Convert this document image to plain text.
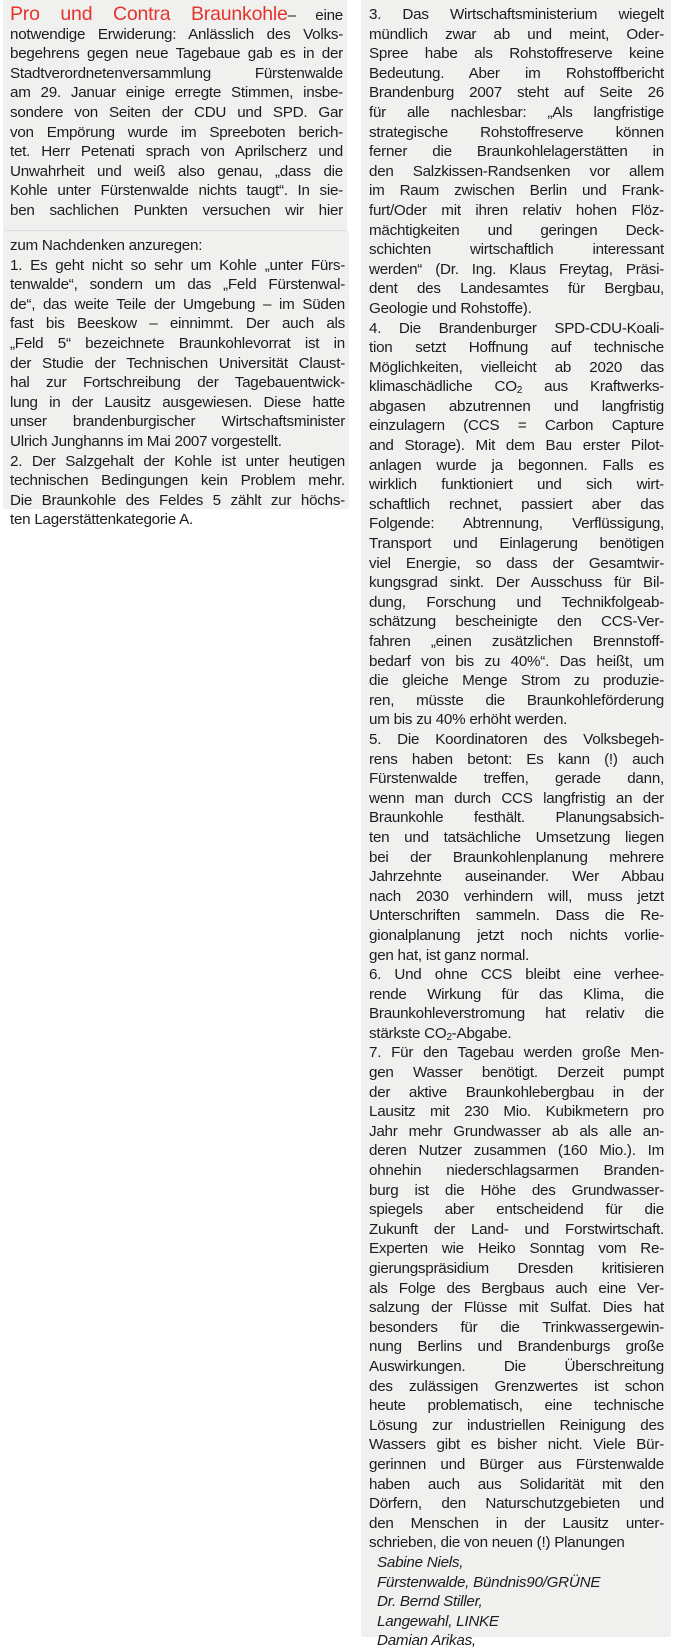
Pro und Contra Braunkohle– eine
notwendige Erwiderung: Anlässlich des Volks-
begehrens gegen neue Tagebaue gab es in der
Stadtverordnetenversammlung Fürstenwalde
am 29. Januar einige erregte Stimmen, insbe-
sondere von Seiten der CDU und SPD. Gar
von Empörung wurde im Spreeboten berich-
tet. Herr Petenati sprach von Aprilscherz und
Unwahrheit und weiß also genau, „dass die
Kohle unter Fürstenwalde nichts taugt“. In sie-
ben sachlichen Punkten versuchen wir hier
zum Nachdenken anzuregen:
1. Es geht nicht so sehr um Kohle „unter Fürs-
tenwalde“, sondern um das „Feld Fürstenwal-
de“, das weite Teile der Umgebung – im Süden
fast bis Beeskow – einnimmt. Der auch als
„Feld 5“ bezeichnete Braunkohlevorrat ist in
der Studie der Technischen Universität Claust-
hal zur Fortschreibung der Tagebauentwick-
lung in der Lausitz ausgewiesen. Diese hatte
unser brandenburgischer Wirtschaftsminister
Ulrich Junghanns im Mai 2007 vorgestellt.
2. Der Salzgehalt der Kohle ist unter heutigen
technischen Bedingungen kein Problem mehr.
Die Braunkohle des Feldes 5 zählt zur höchs-
ten Lagerstättenkategorie A.
3. Das Wirtschaftsministerium wiegelt
mündlich zwar ab und meint, Oder-
Spree habe als Rohstoffreserve keine
Bedeutung. Aber im Rohstoffbericht
Brandenburg 2007 steht auf Seite 26
für alle nachlesbar: „Als langfristige
strategische Rohstoffreserve können
ferner die Braunkohlelagerstätten in
den Salzkissen-Randsenken vor allem
im Raum zwischen Berlin und Frank-
furt/Oder mit ihren relativ hohen Flöz-
mächtigkeiten und geringen Deck-
schichten wirtschaftlich interessant
werden“ (Dr. Ing. Klaus Freytag, Präsi-
dent des Landesamtes für Bergbau,
Geologie und Rohstoffe).
4. Die Brandenburger SPD-CDU-Koali-
tion setzt Hoffnung auf technische
Möglichkeiten, vielleicht ab 2020 das
klimaschädliche $CO_2$ aus Kraftwerks-
abgasen abzutrennen und langfristig
einzulagern (CCS = Carbon Capture
and Storage). Mit dem Bau erster Pilot-
anlagen wurde ja begonnen. Falls es
wirklich funktioniert und sich wirt-
schaftlich rechnet, passiert aber das
Folgende: Abtrennung, Verflüssigung,
Transport und Einlagerung benötigen
viel Energie, so dass der Gesamtwir-
kungsgrad sinkt. Der Ausschuss für Bil-
dung, Forschung und Technikfolgeab-
schätzung bescheinigte den CCS-Ver-
fahren „einen zusätzlichen Brennstoff-
bedarf von bis zu 40%“. Das heißt, um
die gleiche Menge Strom zu produzie-
ren, müsste die Braunkohleförderung
um bis zu 40% erhöht werden.
5. Die Koordinatoren des Volksbegeh-
rens haben betont: Es kann (!) auch
Fürstenwalde treffen, gerade dann,
wenn man durch CCS langfristig an der
Braunkohle festhält. Planungsabsich-
ten und tatsächliche Umsetzung liegen
bei der Braunkohlenplanung mehrere
Jahrzehnte auseinander. Wer Abbau
nach 2030 verhindern will, muss jetzt
Unterschriften sammeln. Dass die Re-
gionalplanung jetzt noch nichts vorlie-
gen hat, ist ganz normal.
6. Und ohne CCS bleibt eine verhee-
rende Wirkung für das Klima, die
Braunkohleverstromung hat relativ die
stärkste $CO_2$-Abgabe.
7. Für den Tagebau werden große Men-
gen Wasser benötigt. Derzeit pumpt
der aktive Braunkohlebergbau in der
Lausitz mit 230 Mio. Kubikmetern pro
Jahr mehr Grundwasser ab als alle an-
deren Nutzer zusammen (160 Mio.). Im
ohnehin niederschlagsarmen Branden-
burg ist die Höhe des Grundwasser-
spiegels aber entscheidend für die
Zukunft der Land- und Forstwirtschaft.
Experten wie Heiko Sonntag vom Re-
gierungspräsidium Dresden kritisieren
als Folge des Bergbaus auch eine Ver-
salzung der Flüsse mit Sulfat. Dies hat
besonders für die Trinkwassergewin-
nung Berlins und Brandenburgs große
Auswirkungen. Die Überschreitung
des zulässigen Grenzwertes ist schon
heute problematisch, eine technische
Lösung zur industriellen Reinigung des
Wassers gibt es bisher nicht. Viele Bür-
gerinnen und Bürger aus Fürstenwalde
haben auch aus Solidarität mit den
Dörfern, den Naturschutzgebieten und
den Menschen in der Lausitz unter-
schrieben, die von neuen (!) Planungen
Sabine Niels,
Fürstenwalde, Bündnis90/GRÜNE
Dr. Bernd Stiller,
Langewahl, LINKE
Damian Arikas,
